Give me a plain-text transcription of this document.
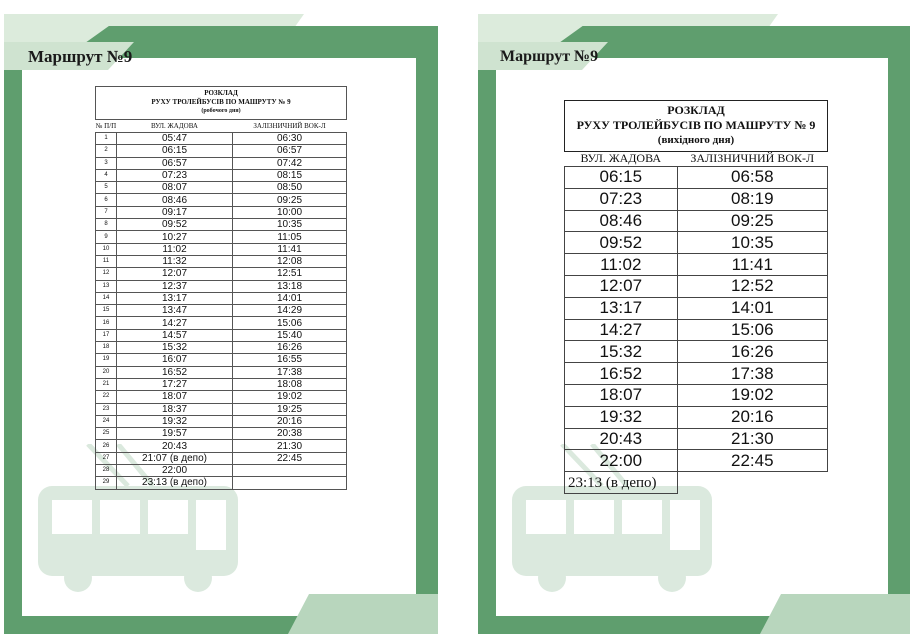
Маршрут №9
РОЗКЛАД
РУХУ ТРОЛЕЙБУСІВ ПО МАШРУТУ № 9
(робочого дня)		

№ П/П	ВУЛ. ЖАДОВА	ЗАЛІЗНИЧНИЙ ВОК-Л
1	05:47	06:30
2	06:15	06:57
3	06:57	07:42
4	07:23	08:15
5	08:07	08:50
6	08:46	09:25
7	09:17	10:00
8	09:52	10:35
9	10:27	11:05
10	11:02	11:41
11	11:32	12:08
12	12:07	12:51
13	12:37	13:18
14	13:17	14:01
15	13:47	14:29
16	14:27	15:06
17	14:57	15:40
18	15:32	16:26
19	16:07	16:55
20	16:52	17:38
21	17:27	18:08
22	18:07	19:02
23	18:37	19:25
24	19:32	20:16
25	19:57	20:38
26	20:43	21:30
27	21:07 (в депо)	22:45
28	22:00	
29	23:13 (в депо)	
Маршрут №9
РОЗКЛАД
РУХУ ТРОЛЕЙБУСІВ ПО МАШРУТУ № 9
(вихідного дня)
ВУЛ. ЖАДОВА	ЗАЛІЗНИЧНИЙ ВОК-Л
06:15	06:58
07:23	08:19
08:46	09:25
09:52	10:35
11:02	11:41
12:07	12:52
13:17	14:01
14:27	15:06
15:32	16:26
16:52	17:38
18:07	19:02
19:32	20:16
20:43	21:30
22:00	22:45
23:13 (в депо)	
